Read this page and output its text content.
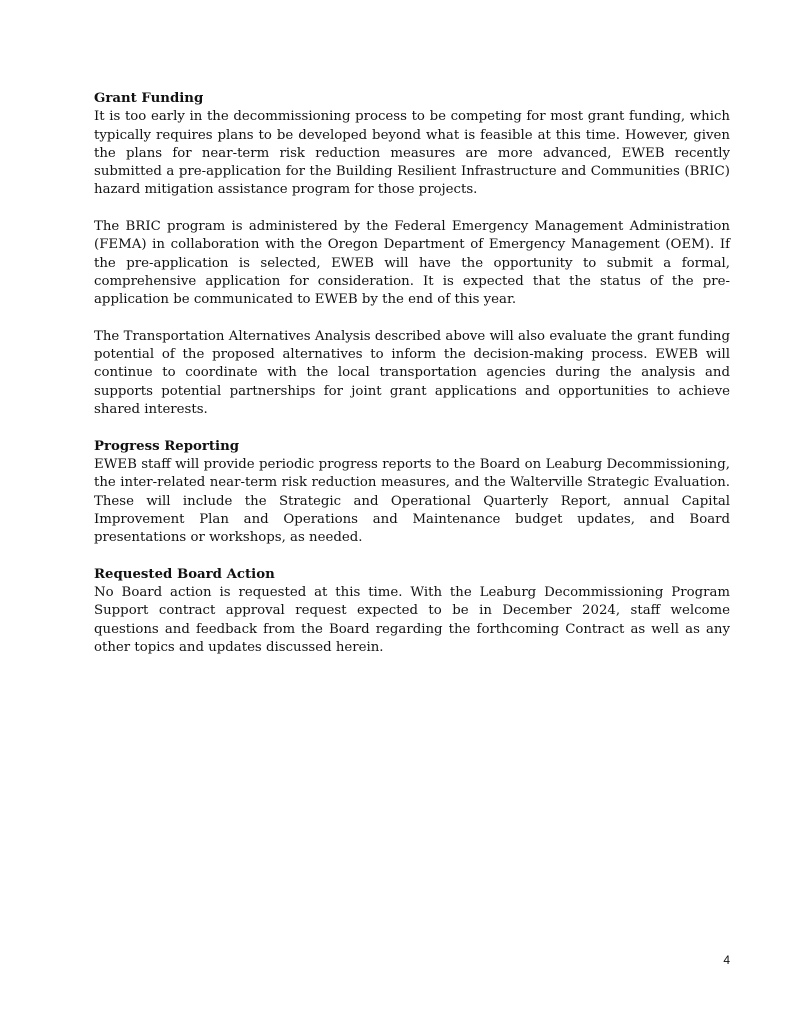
Grant Funding

It is too early in the decommissioning process to be competing for most grant funding, which typically requires plans to be developed beyond what is feasible at this time. However, given the plans for near-term risk reduction measures are more advanced, EWEB recently submitted a pre-application for the Building Resilient Infrastructure and Communities (BRIC) hazard mitigation assistance program for those projects.

The BRIC program is administered by the Federal Emergency Management Administration (FEMA) in collaboration with the Oregon Department of Emergency Management (OEM). If the pre-application is selected, EWEB will have the opportunity to submit a formal, comprehensive application for consideration. It is expected that the status of the pre-application be communicated to EWEB by the end of this year.

The Transportation Alternatives Analysis described above will also evaluate the grant funding potential of the proposed alternatives to inform the decision-making process. EWEB will continue to coordinate with the local transportation agencies during the analysis and supports potential partnerships for joint grant applications and opportunities to achieve shared interests.

Progress Reporting

EWEB staff will provide periodic progress reports to the Board on Leaburg Decommissioning, the inter-related near-term risk reduction measures, and the Walterville Strategic Evaluation. These will include the Strategic and Operational Quarterly Report, annual Capital Improvement Plan and Operations and Maintenance budget updates, and Board presentations or workshops, as needed.

Requested Board Action

No Board action is requested at this time. With the Leaburg Decommissioning Program Support contract approval request expected to be in December 2024, staff welcome questions and feedback from the Board regarding the forthcoming Contract as well as any other topics and updates discussed herein.

4
